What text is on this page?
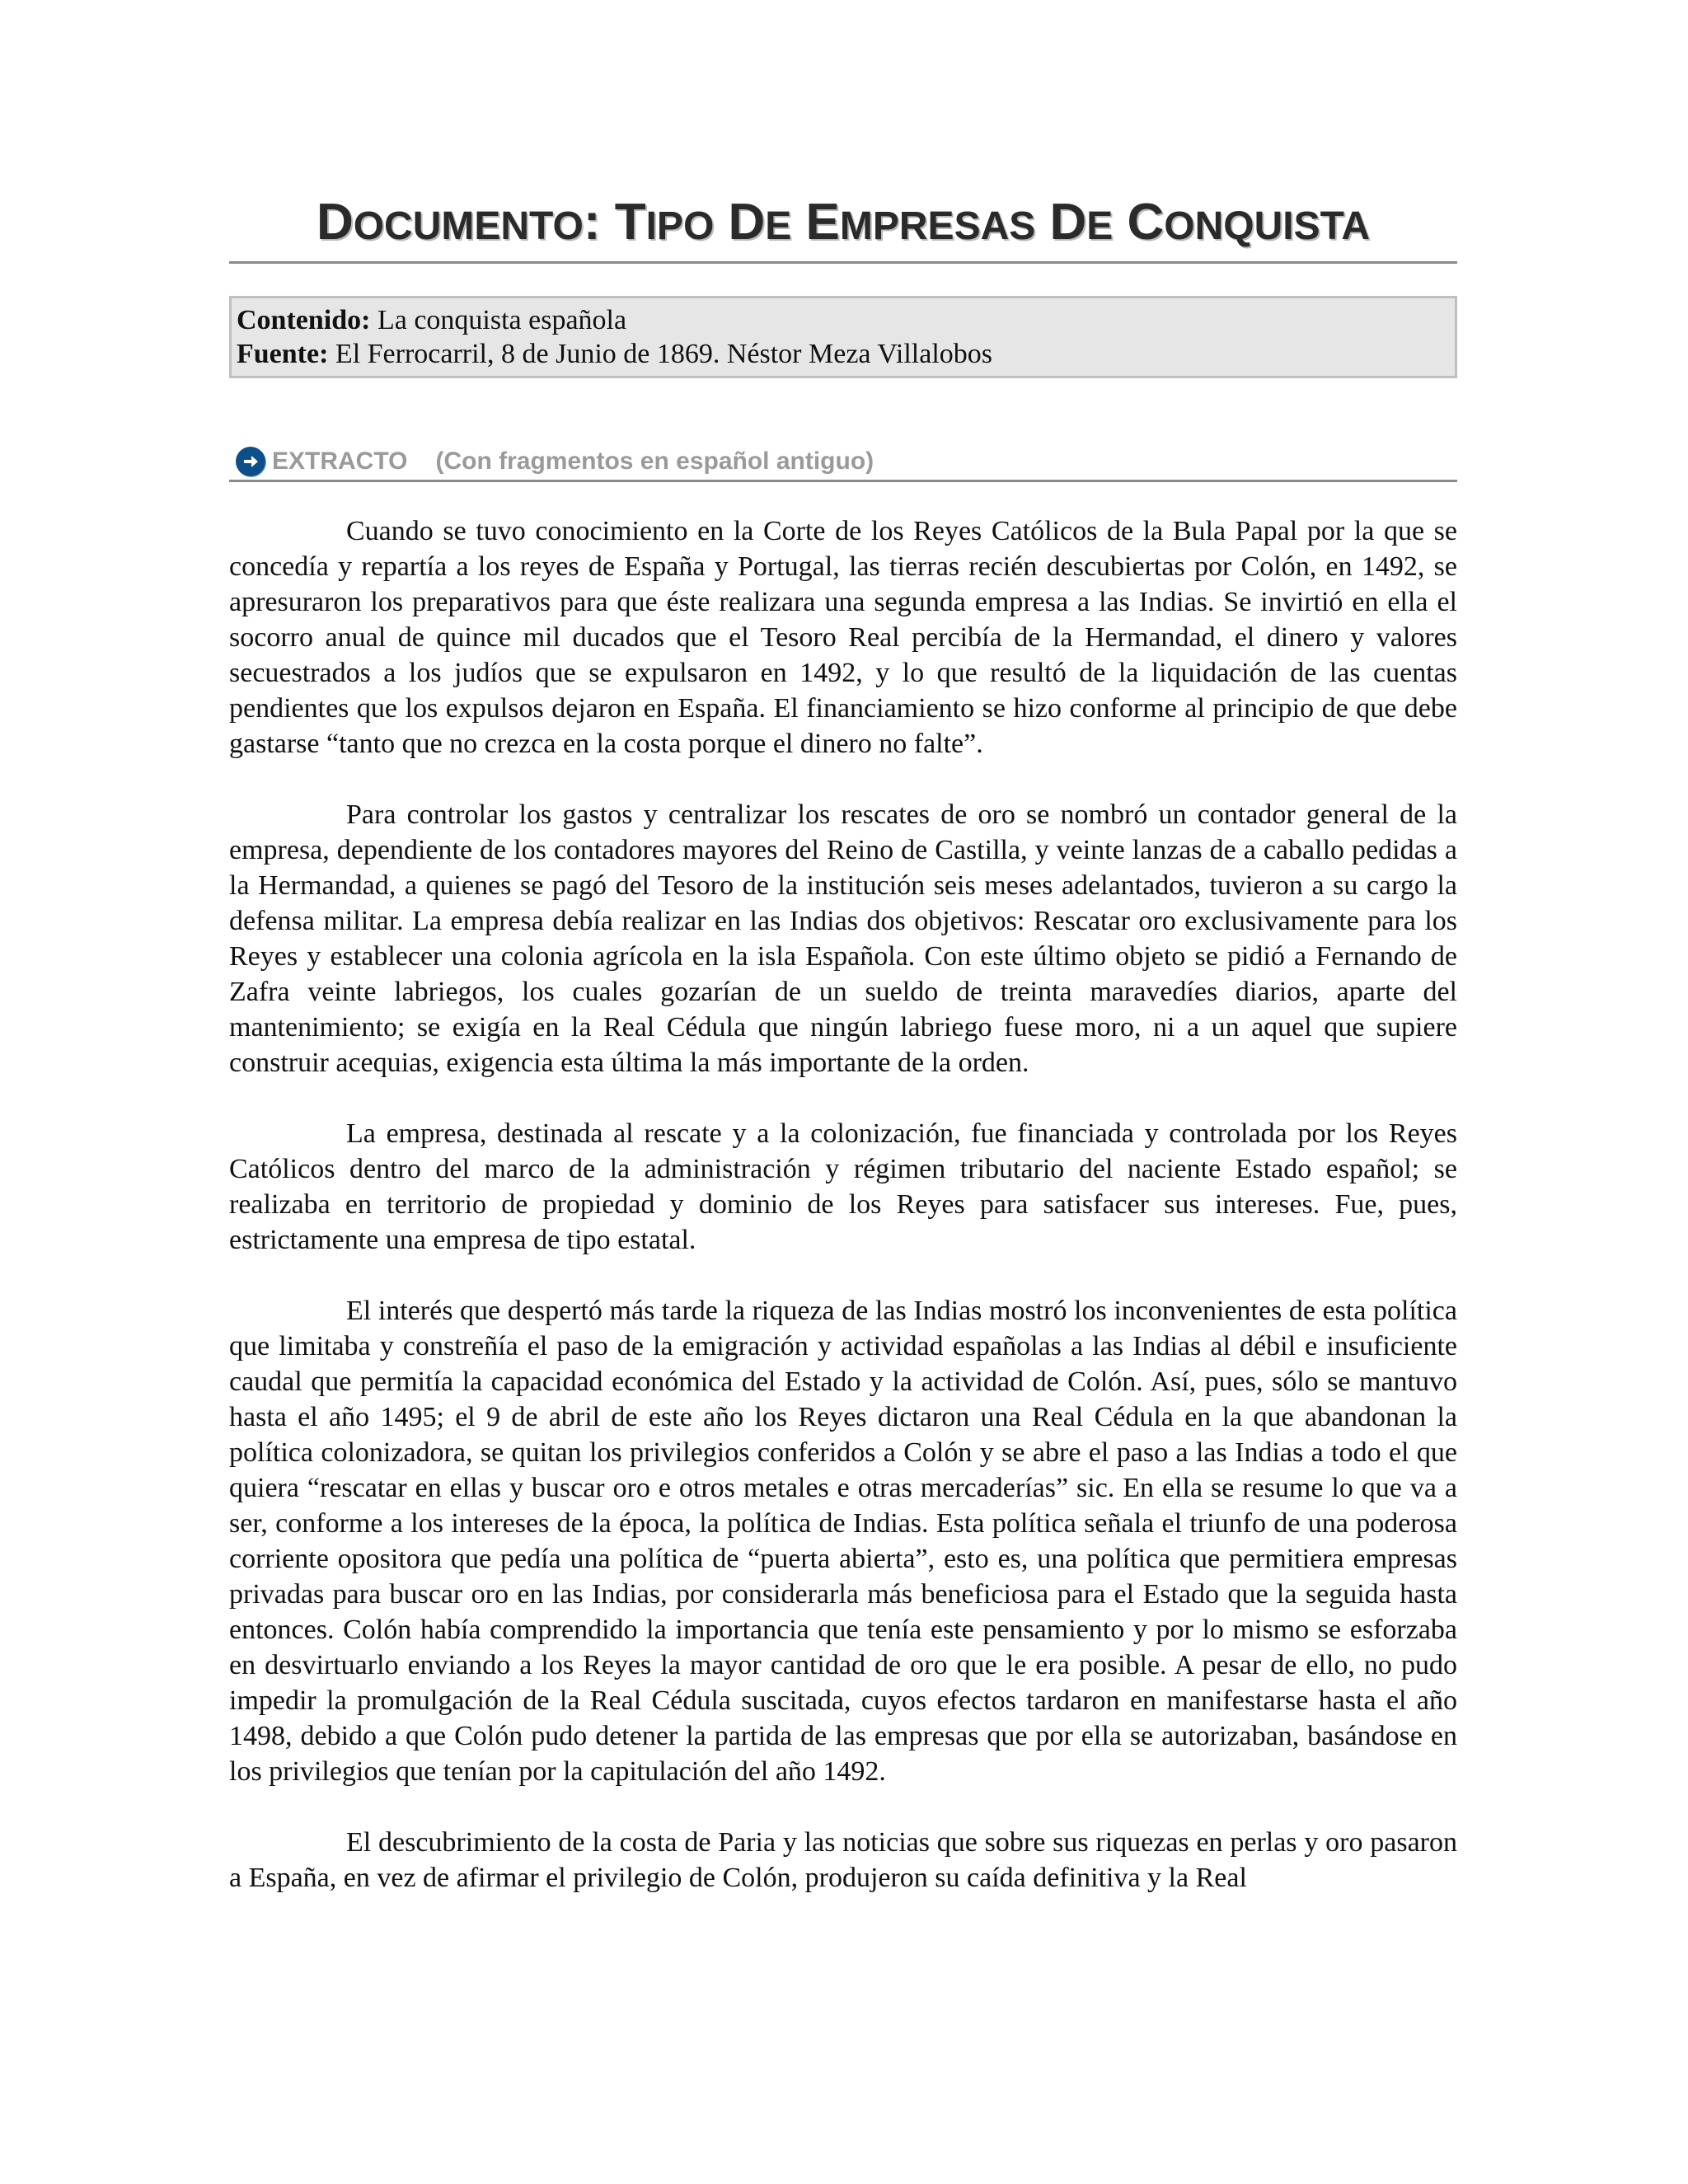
DOCUMENTO: TIPO DE EMPRESAS DE CONQUISTA
Contenido: La conquista española
Fuente: El Ferrocarril, 8 de Junio de 1869. Néstor Meza Villalobos
EXTRACTO (Con fragmentos en español antiguo)

Cuando se tuvo conocimiento en la Corte de los Reyes Católicos de la Bula Papal por la que se concedía y repartía a los reyes de España y Portugal, las tierras recién descubiertas por Colón, en 1492, se apresuraron los preparativos para que éste realizara una segunda empresa a las Indias. Se invirtió en ella el socorro anual de quince mil ducados que el Tesoro Real percibía de la Hermandad, el dinero y valores secuestrados a los judíos que se expulsaron en 1492, y lo que resultó de la liquidación de las cuentas pendientes que los expulsos dejaron en España. El financiamiento se hizo conforme al principio de que debe gastarse “tanto que no crezca en la costa porque el dinero no falte”.

Para controlar los gastos y centralizar los rescates de oro se nombró un contador general de la empresa, dependiente de los contadores mayores del Reino de Castilla, y veinte lanzas de a caballo pedidas a la Hermandad, a quienes se pagó del Tesoro de la institución seis meses adelantados, tuvieron a su cargo la defensa militar. La empresa debía realizar en las Indias dos objetivos: Rescatar oro exclusivamente para los Reyes y establecer una colonia agrícola en la isla Española. Con este último objeto se pidió a Fernando de Zafra veinte labriegos, los cuales gozarían de un sueldo de treinta maravedíes diarios, aparte del mantenimiento; se exigía en la Real Cédula que ningún labriego fuese moro, ni a un aquel que supiere construir acequias, exigencia esta última la más importante de la orden.

La empresa, destinada al rescate y a la colonización, fue financiada y controlada por los Reyes Católicos dentro del marco de la administración y régimen tributario del naciente Estado español; se realizaba en territorio de propiedad y dominio de los Reyes para satisfacer sus intereses. Fue, pues, estrictamente una empresa de tipo estatal.

El interés que despertó más tarde la riqueza de las Indias mostró los inconvenientes de esta política que limitaba y constreñía el paso de la emigración y actividad españolas a las Indias al débil e insuficiente caudal que permitía la capacidad económica del Estado y la actividad de Colón. Así, pues, sólo se mantuvo hasta el año 1495; el 9 de abril de este año los Reyes dictaron una Real Cédula en la que abandonan la política colonizadora, se quitan los privilegios conferidos a Colón y se abre el paso a las Indias a todo el que quiera “rescatar en ellas y buscar oro e otros metales e otras mercaderías” sic. En ella se resume lo que va a ser, conforme a los intereses de la época, la política de Indias. Esta política señala el triunfo de una poderosa corriente opositora que pedía una política de “puerta abierta”, esto es, una política que permitiera empresas privadas para buscar oro en las Indias, por considerarla más beneficiosa para el Estado que la seguida hasta entonces. Colón había comprendido la importancia que tenía este pensamiento y por lo mismo se esforzaba en desvirtuarlo enviando a los Reyes la mayor cantidad de oro que le era posible. A pesar de ello, no pudo impedir la promulgación de la Real Cédula suscitada, cuyos efectos tardaron en manifestarse hasta el año 1498, debido a que Colón pudo detener la partida de las empresas que por ella se autorizaban, basándose en los privilegios que tenían por la capitulación del año 1492.

El descubrimiento de la costa de Paria y las noticias que sobre sus riquezas en perlas y oro pasaron a España, en vez de afirmar el privilegio de Colón, produjeron su caída definitiva y la Real
